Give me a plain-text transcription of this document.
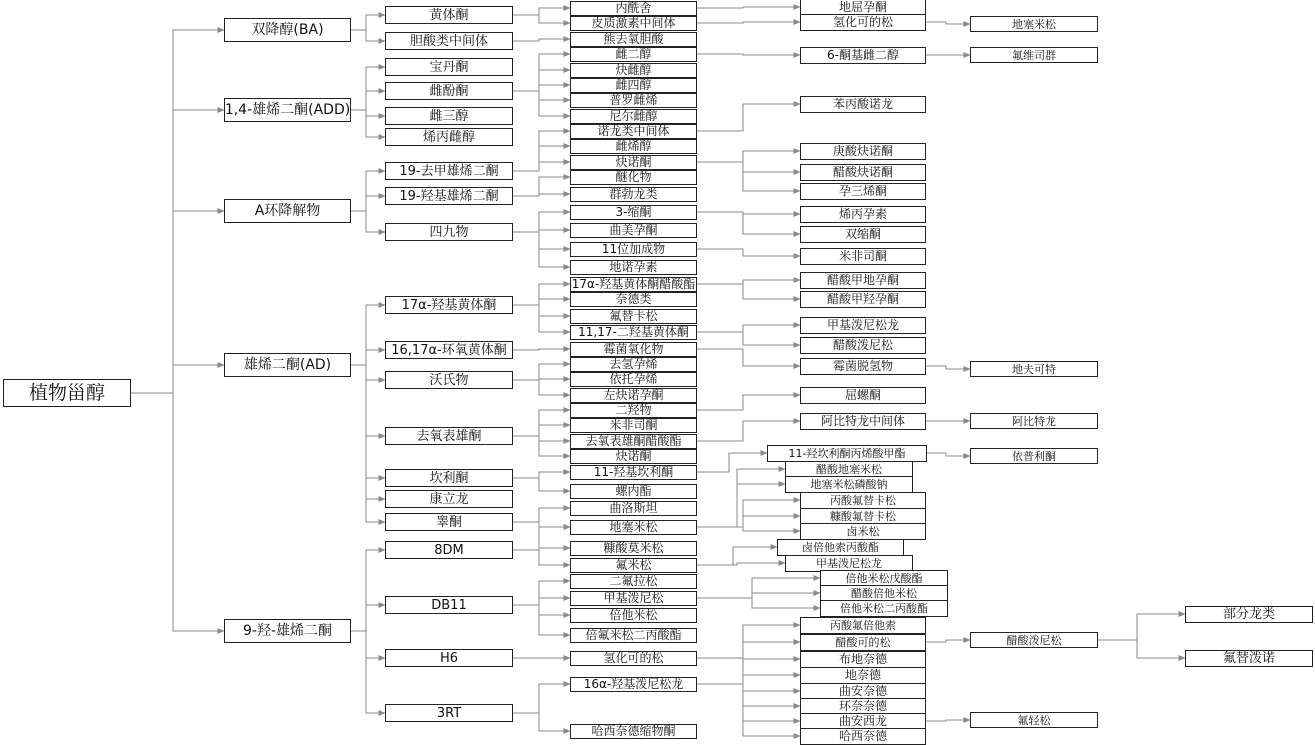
植物甾醇
双降醇(BA)
1,4-雄烯二酮(ADD)
A环降解物
雄烯二酮(AD)
9-羟-雄烯二酮
黄体酮
胆酸类中间体
宝丹酮
雌酚酮
雌三醇
烯丙雌醇
19-去甲雄烯二酮
19-羟基雄烯二酮
四九物
17α-羟基黄体酮
16,17α-环氧黄体酮
沃氏物
去氧表雄酮
坎利酮
康立龙
睾酮
8DM
DB11
H6
3RT
内酰舍
皮质激素中间体
熊去氧胆酸
雌二醇
炔雌醇
雌四醇
普罗雌烯
尼尔雌醇
诺龙类中间体
雌烯醇
炔诺酮
醚化物
群勃龙类
3-缩酮
曲美孕酮
11位加成物
地诺孕素
17α-羟基黄体酮醋酸酯
奈德类
氟替卡松
11,17-二羟基黄体酮
霉菌氧化物
去氢孕烯
依托孕烯
左炔诺孕酮
二羟物
米非司酮
去氧表雄酮醋酸酯
炔诺酮
11-羟基坎利酮
螺内酯
曲洛斯坦
地塞米松
糠酸莫米松
氟米松
二氟拉松
甲基泼尼松
倍他米松
倍氟米松二丙酸酯
氢化可的松
16α-羟基泼尼松龙
哈西奈德缩物酮
地屈孕酮
氢化可的松
6-酮基雌二醇
苯丙酸诺龙
庚酸炔诺酮
醋酸炔诺酮
孕三烯酮
烯丙孕素
双缩酮
米非司酮
醋酸甲地孕酮
醋酸甲羟孕酮
甲基泼尼松龙
醋酸泼尼松
霉菌脱氢物
屈螺酮
阿比特龙中间体
11-羟坎利酮丙烯酸甲酯
醋酸地塞米松
地塞米松磷酸钠
丙酸氟替卡松
糠酸氟替卡松
卤米松
卤倍他索丙酸酯
甲基泼尼松龙
倍他米松戊酸酯
醋酸倍他米松
倍他米松二丙酸酯
丙酸氟倍他索
醋酸可的松
布地奈德
地奈德
曲安奈德
环奈奈德
曲安西龙
哈西奈德
地塞米松
氟维司群
地夫可特
阿比特龙
依普利酮
醋酸泼尼松
氟轻松
部分龙类
氟替泼诺
